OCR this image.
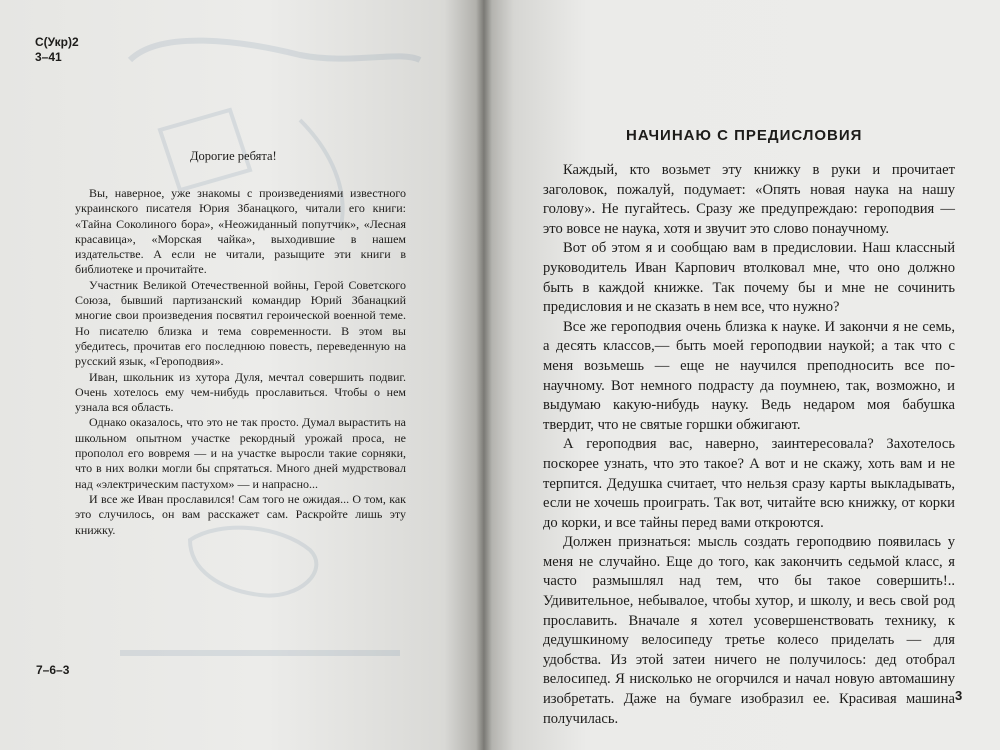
С(Укр)2
3–41
Дорогие ребята!

Вы, наверное, уже знакомы с произведениями известного украинского писателя Юрия Збанацкого, читали его книги: «Тайна Соколиного бора», «Неожиданный попутчик», «Лесная красавица», «Морская чайка», выходившие в нашем издательстве. А если не читали, разыщите эти книги в библиотеке и прочитайте.

Участник Великой Отечественной войны, Герой Советского Союза, бывший партизанский командир Юрий Збанацкий многие свои произведения посвятил героической военной теме. Но писателю близка и тема современности. В этом вы убедитесь, прочитав его последнюю повесть, переведенную на русский язык, «Героподвия».

Иван, школьник из хутора Дуля, мечтал совершить подвиг. Очень хотелось ему чем-нибудь прославиться. Чтобы о нем узнала вся область.

Однако оказалось, что это не так просто. Думал вырастить на школьном опытном участке рекордный урожай проса, не прополол его вовремя — и на участке выросли такие сорняки, что в них волки могли бы спрятаться. Много дней мудрствовал над «электрическим пастухом» — и напрасно...

И все же Иван прославился! Сам того не ожидая... О том, как это случилось, он вам расскажет сам. Раскройте лишь эту книжку.

7–6–3
НАЧИНАЮ С ПРЕДИСЛОВИЯ

Каждый, кто возьмет эту книжку в руки и прочитает заголовок, пожалуй, подумает: «Опять новая наука на нашу голову». Не пугайтесь. Сразу же предупреждаю: героподвия — это вовсе не наука, хотя и звучит это слово понаучному.

Вот об этом я и сообщаю вам в предисловии. Наш классный руководитель Иван Карпович втолковал мне, что оно должно быть в каждой книжке. Так почему бы и мне не сочинить предисловия и не сказать в нем все, что нужно?

Все же героподвия очень близка к науке. И закончи я не семь, а десять классов,— быть моей героподвии наукой; а так что с меня возьмешь — еще не научился преподносить все по-научному. Вот немного подрасту да поумнею, так, возможно, и выдумаю какую-нибудь науку. Ведь недаром моя бабушка твердит, что не святые горшки обжигают.

А героподвия вас, наверно, заинтересовала? Захотелось поскорее узнать, что это такое? А вот и не скажу, хоть вам и не терпится. Дедушка считает, что нельзя сразу карты выкладывать, если не хочешь проиграть. Так вот, читайте всю книжку, от корки до корки, и все тайны перед вами откроются.

Должен признаться: мысль создать героподвию появилась у меня не случайно. Еще до того, как закончить седьмой класс, я часто размышлял над тем, что бы такое совершить!.. Удивительное, небывалое, чтобы хутор, и школу, и весь свой род прославить. Вначале я хотел усовершенствовать технику, к дедушкиному велосипеду третье колесо приделать — для удобства. Из этой затеи ничего не получилось: дед отобрал велосипед. Я нисколько не огорчился и начал новую автомашину изобретать. Даже на бумаге изобразил ее. Красивая машина получилась.

3
